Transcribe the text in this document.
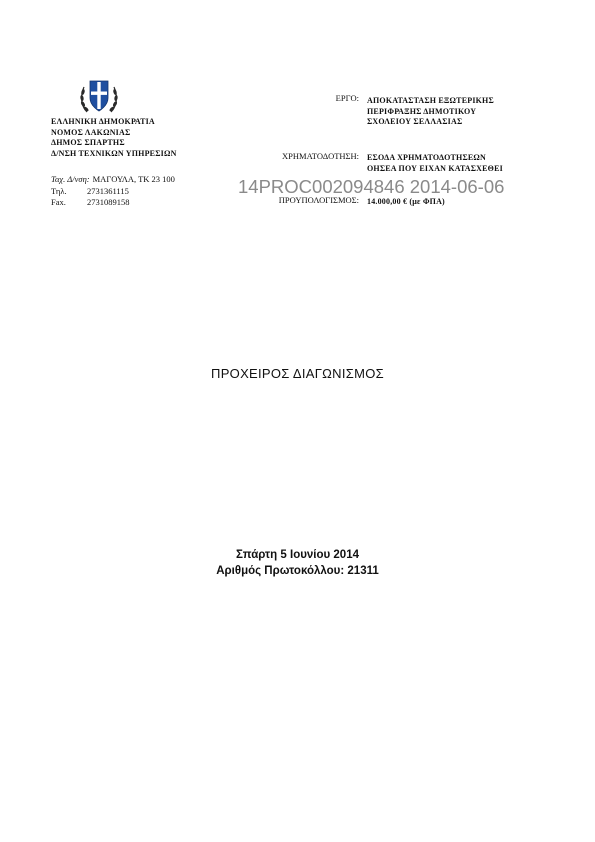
ΕΛΛΗΝΙΚΗ ΔΗΜΟΚΡΑΤΙΑ
ΝΟΜΟΣ ΛΑΚΩΝΙΑΣ
ΔΗΜΟΣ ΣΠΑΡΤΗΣ
Δ/ΝΣΗ ΤΕΧΝΙΚΩΝ ΥΠΗΡΕΣΙΩΝ
Ταχ. Δ/νση: ΜΑΓΟΥΛΑ, ΤΚ 23 100
Τηλ. 2731361115
Fax. 2731089158
ΕΡΓΟ: ΑΠΟΚΑΤΑΣΤΑΣΗ ΕΞΩΤΕΡΙΚΗΣ
ΠΕΡΙΦΡΑΞΗΣ ΔΗΜΟΤΙΚΟΥ
ΣΧΟΛΕΙΟΥ ΣΕΛΛΑΣΙΑΣ
ΧΡΗΜΑΤΟΔΟΤΗΣΗ: ΕΣΟΔΑ ΧΡΗΜΑΤΟΔΟΤΗΣΕΩΝ
ΟΗΣΕΑ ΠΟΥ ΕΙΧΑΝ ΚΑΤΑΣΧΕΘΕΙ
14PROC002094846 2014-06-06
ΠΡΟΥΠΟΛΟΓΙΣΜΟΣ: 14.000,00 € (με ΦΠΑ)
ΠΡΟΧΕΙΡΟΣ ΔΙΑΓΩΝΙΣΜΟΣ
Σπάρτη 5 Ιουνίου 2014
Αριθμός Πρωτοκόλλου: 21311
